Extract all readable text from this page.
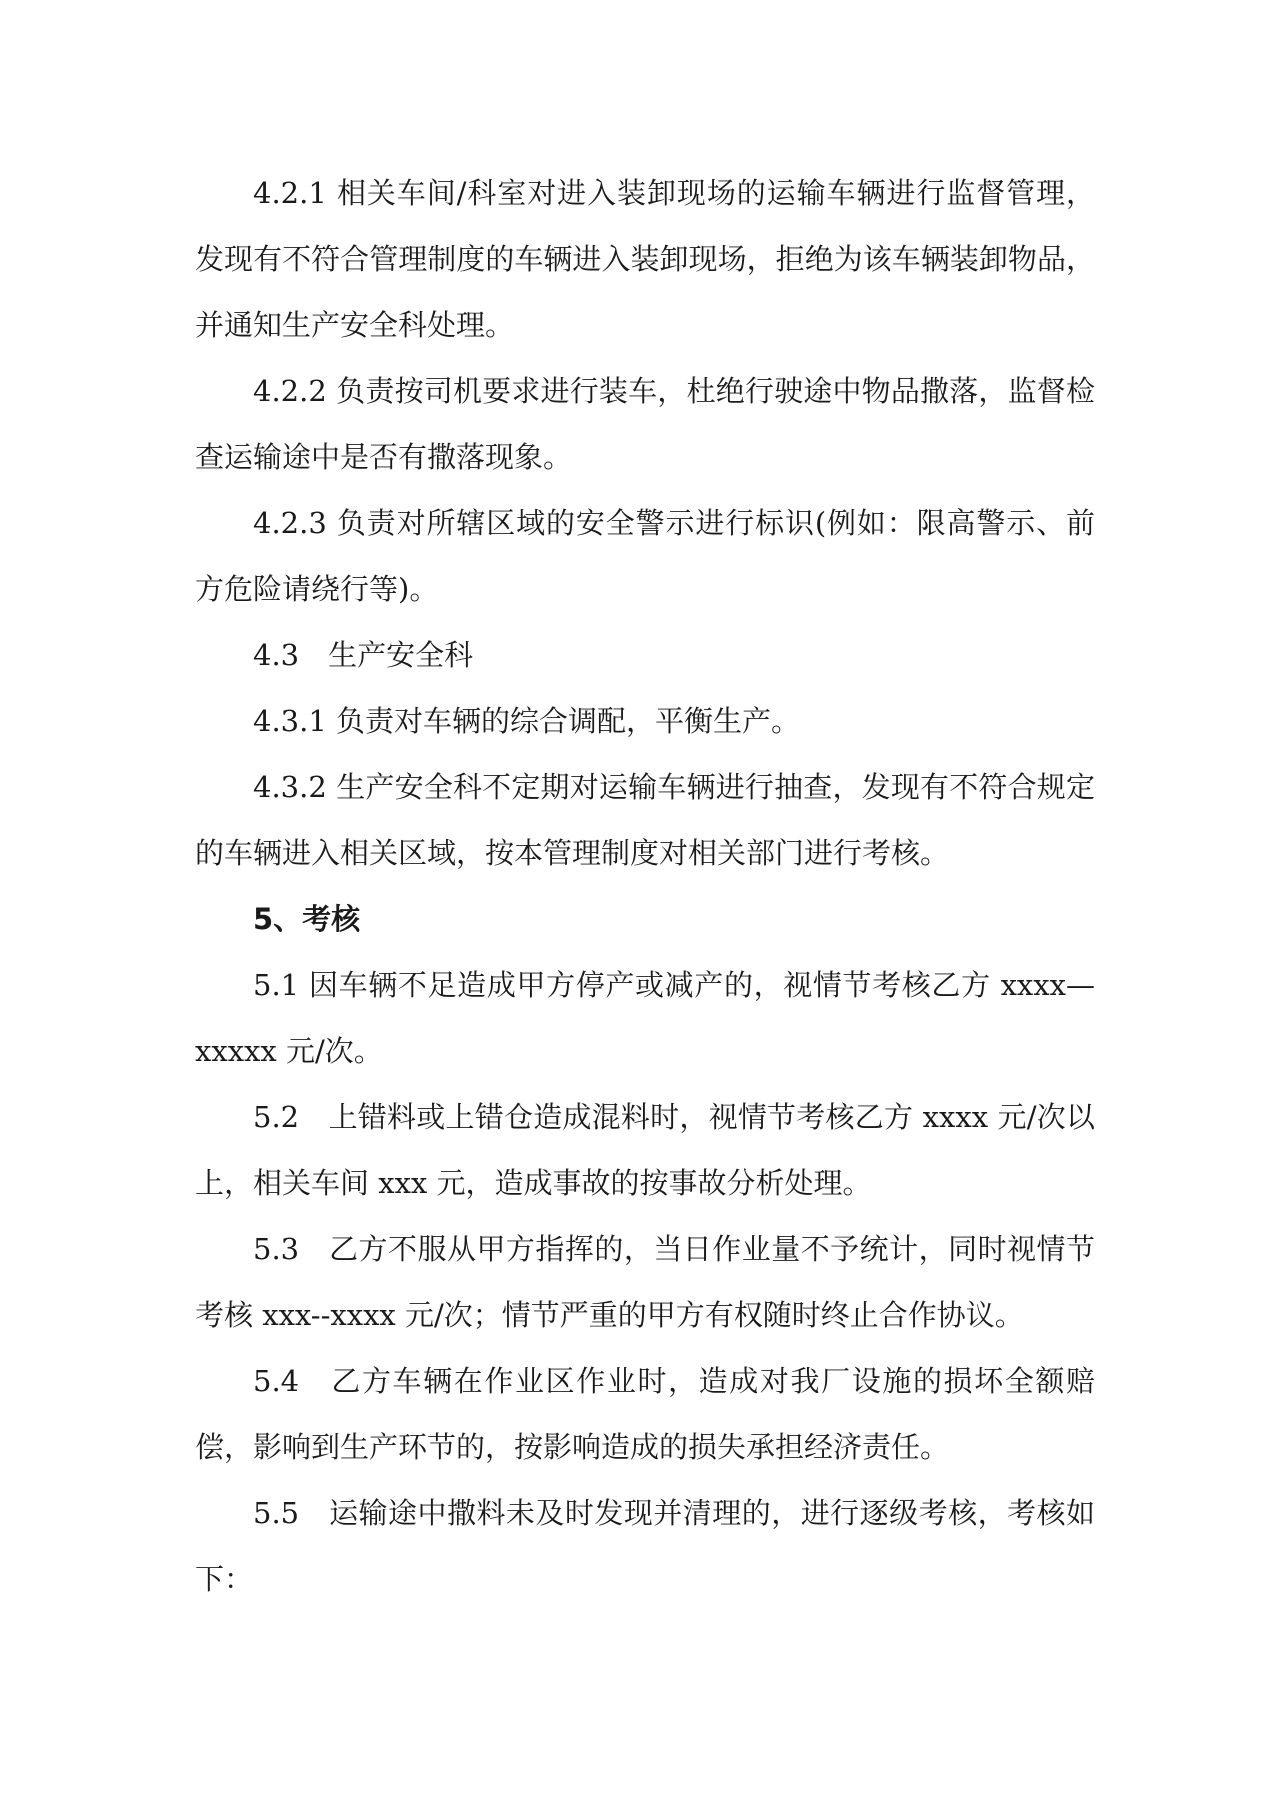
4.2.1 相关车间/科室对进入装卸现场的运输车辆进行监督管理，发现有不符合管理制度的车辆进入装卸现场，拒绝为该车辆装卸物品，并通知生产安全科处理。

4.2.2 负责按司机要求进行装车，杜绝行驶途中物品撒落，监督检查运输途中是否有撒落现象。

4.2.3 负责对所辖区域的安全警示进行标识(例如：限高警示、前方危险请绕行等)。

4.3　生产安全科

4.3.1 负责对车辆的综合调配，平衡生产。

4.3.2 生产安全科不定期对运输车辆进行抽查，发现有不符合规定的车辆进入相关区域，按本管理制度对相关部门进行考核。

5、考核

5.1 因车辆不足造成甲方停产或减产的，视情节考核乙方 xxxx—xxxxx 元/次。

5.2　上错料或上错仓造成混料时，视情节考核乙方 xxxx 元/次以上，相关车间 xxx 元，造成事故的按事故分析处理。

5.3　乙方不服从甲方指挥的，当日作业量不予统计，同时视情节考核 xxx--xxxx 元/次；情节严重的甲方有权随时终止合作协议。

5.4　乙方车辆在作业区作业时，造成对我厂设施的损坏全额赔偿，影响到生产环节的，按影响造成的损失承担经济责任。

5.5　运输途中撒料未及时发现并清理的，进行逐级考核，考核如下：
